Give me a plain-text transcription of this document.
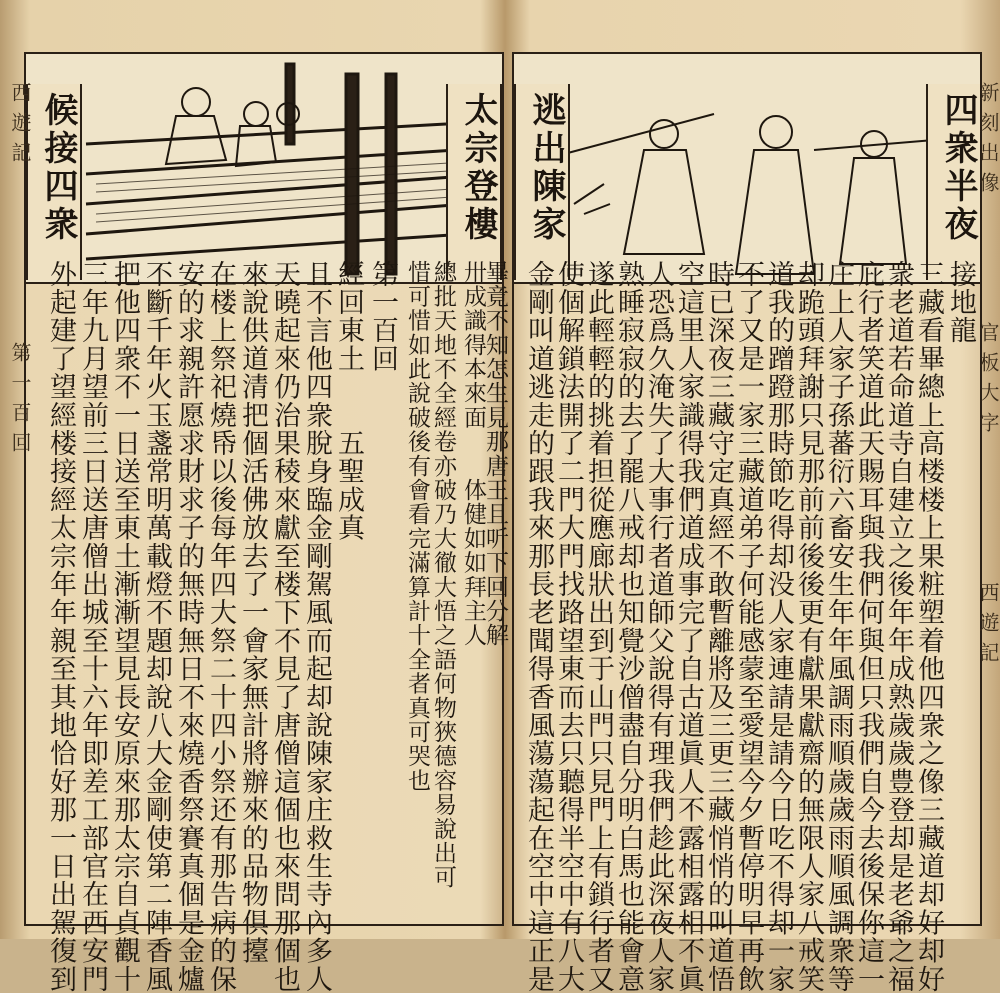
候接四衆	太宗登樓
卅成識得本來面　　体健如如拜主人
經回東土　　五聖成真 第一百回 惜可惜如此說破後有會看完滿算計十全者真可哭也 總批天地不全經卷亦破乃大徹大悟之語何物狹德容易說出可 畢竟不知怎生見那唐王且听下回分解
且不言他四衆脫身臨金剛駕風而起却說陳家庄救生寺內多人
天曉起來仍治果稜來獻至楼下不見了唐僧這個也來問那個也
來說供道清把個活佛放去了一會家無計將辦來的品物俱擡
在楼上祭祀燒帋以後每年四大祭二十四小祭还有那告病的保
安的求親許愿求財求子的無時無日不來燒香祭賽真個是金爐
不斷千年火玉盞常明萬載燈不題却說八大金剛使第二陣香風
把他四衆不一日送至東土漸漸望見長安原來那太宗自貞觀十
三年九月望前三日送唐僧出城至十六年即差工部官在西安門
外起建了望經楼接經太宗年年親至其地恰好那一日出駕復到
西遊記
第一百回
逃出陳家	四衆半夜
接地龍
三藏看畢總上高楼楼上果粧塑着他四衆之像三藏道却好却好
衆老道若命道寺自建立之後年年成熟歲歲豊登却是老爺之福
庇行者笑道此天賜耳與我們何與但只我們自今去後保你這一
庄上人家子孫蕃衍六畜安生年年風調雨順歲歲雨順風調衆等
却跪頭拜謝只見那前前後後更有獻果獻齋的無限人家八戒笑
道我的蹭蹬那時節吃得却没人家連請是請今日吃不得却一家
不了又是一家三藏道弟子何能感蒙至愛望今夕暫停明早再飲
時已深夜三藏守定真經不敢暫離將及三更三藏悄悄的叫道悟
空這里人家識得我們道成事完了自古道眞人不露相露相不眞
人恐爲久淹失了大事行者道師父說得有理我們趁此深夜人家
熟睡寂寂的去了罷八戒却也知覺沙僧盡自分明白馬也能會意
遂此輕輕的挑着担從應廊狀出到于山門只見門上有鎖行者又
使個解鎖法開了二門大門找路望東而去只聽得半空中有八大
金剛叫道逃走的跟我來那長老聞得香風蕩蕩起在空中這正是
新刻出像
官板大字
西遊記
